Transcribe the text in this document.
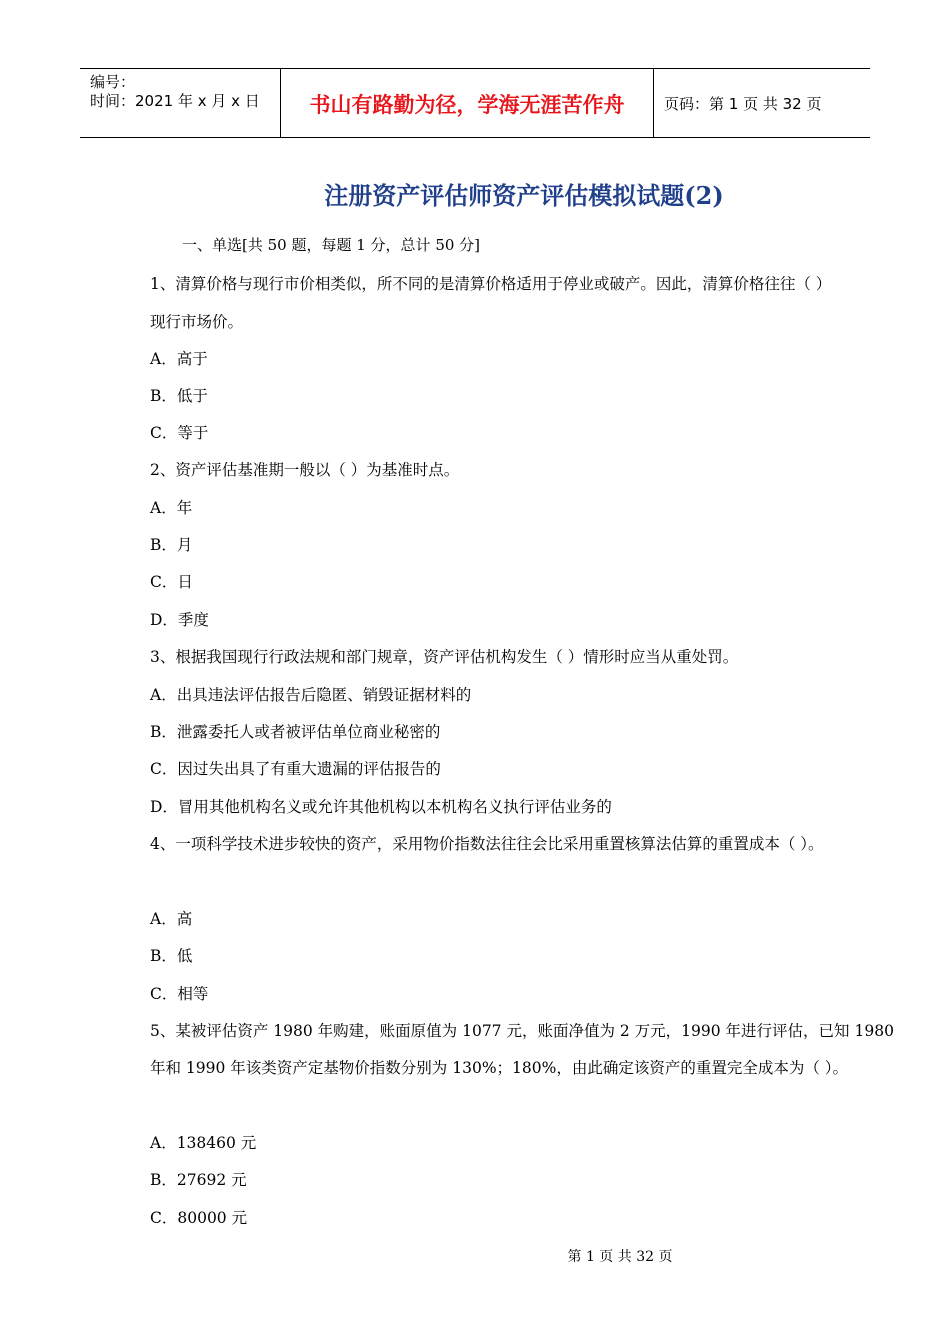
编号：
时间：2021 年 x 月 x 日	书山有路勤为径，学海无涯苦作舟	页码：第 1 页 共 32 页
注册资产评估师资产评估模拟试题(2)
一、单选[共 50 题，每题 1 分，总计 50 分]
1、清算价格与现行市价相类似，所不同的是清算价格适用于停业或破产。因此，清算价格往往（ ）
现行市场价。
A．高于
B．低于
C．等于
2、资产评估基准期一般以（ ）为基准时点。
A．年
B．月
C．日
D．季度
3、根据我国现行行政法规和部门规章，资产评估机构发生（ ）情形时应当从重处罚。
A．出具违法评估报告后隐匿、销毁证据材料的
B．泄露委托人或者被评估单位商业秘密的
C．因过失出具了有重大遗漏的评估报告的
D．冒用其他机构名义或允许其他机构以本机构名义执行评估业务的
4、一项科学技术进步较快的资产，采用物价指数法往往会比采用重置核算法估算的重置成本（ ）。
A．高
B．低
C．相等
5、某被评估资产 1980 年购建，账面原值为 1077 元，账面净值为 2 万元，1990 年进行评估，已知 1980
年和 1990 年该类资产定基物价指数分别为 130%；180%，由此确定该资产的重置完全成本为（ ）。
A．138460 元
B．27692 元
C．80000 元
第 1 页 共 32 页
